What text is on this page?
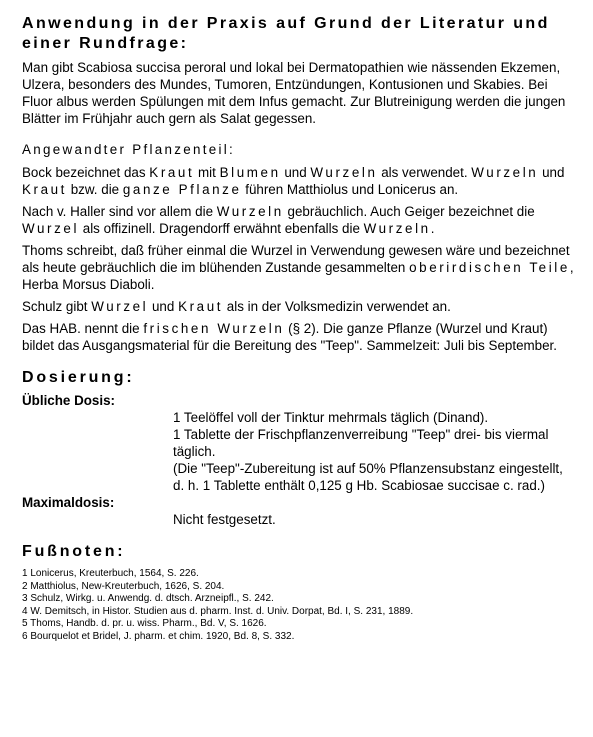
Anwendung in der Praxis auf Grund der Literatur und einer Rundfrage:
Man gibt Scabiosa succisa peroral und lokal bei Dermatopathien wie nässenden Ekzemen, Ulzera, besonders des Mundes, Tumoren, Entzündungen, Kontusionen und Skabies. Bei Fluor albus werden Spülungen mit dem Infus gemacht. Zur Blutreinigung werden die jungen Blätter im Frühjahr auch gern als Salat gegessen.
Angewandter Pflanzenteil:
Bock bezeichnet das Kraut mit Blumen und Wurzeln als verwendet. Wurzeln und Kraut bzw. die ganze Pflanze führen Matthiolus und Lonicerus an.
Nach v. Haller sind vor allem die Wurzeln gebräuchlich. Auch Geiger bezeichnet die Wurzel als offizinell. Dragendorff erwähnt ebenfalls die Wurzeln.
Thoms schreibt, daß früher einmal die Wurzel in Verwendung gewesen wäre und bezeichnet als heute gebräuchlich die im blühenden Zustande gesammelten oberirdischen Teile, Herba Morsus Diaboli.
Schulz gibt Wurzel und Kraut als in der Volksmedizin verwendet an.
Das HAB. nennt die frischen Wurzeln (§ 2). Die ganze Pflanze (Wurzel und Kraut) bildet das Ausgangsmaterial für die Bereitung des "Teep". Sammelzeit: Juli bis September.
Dosierung:
Übliche Dosis:
1 Teelöffel voll der Tinktur mehrmals täglich (Dinand).
1 Tablette der Frischpflanzenverreibung "Teep" drei- bis viermal täglich.
(Die "Teep"-Zubereitung ist auf 50% Pflanzensubstanz eingestellt, d. h. 1 Tablette enthält 0,125 g Hb. Scabiosae succisae c. rad.)
Maximaldosis:
Nicht festgesetzt.
Fußnoten:
1 Lonicerus, Kreuterbuch, 1564, S. 226.
2 Matthiolus, New-Kreuterbuch, 1626, S. 204.
3 Schulz, Wirkg. u. Anwendg. d. dtsch. Arzneipfl., S. 242.
4 W. Demitsch, in Histor. Studien aus d. pharm. Inst. d. Univ. Dorpat, Bd. I, S. 231, 1889.
5 Thoms, Handb. d. pr. u. wiss. Pharm., Bd. V, S. 1626.
6 Bourquelot et Bridel, J. pharm. et chim. 1920, Bd. 8, S. 332.
